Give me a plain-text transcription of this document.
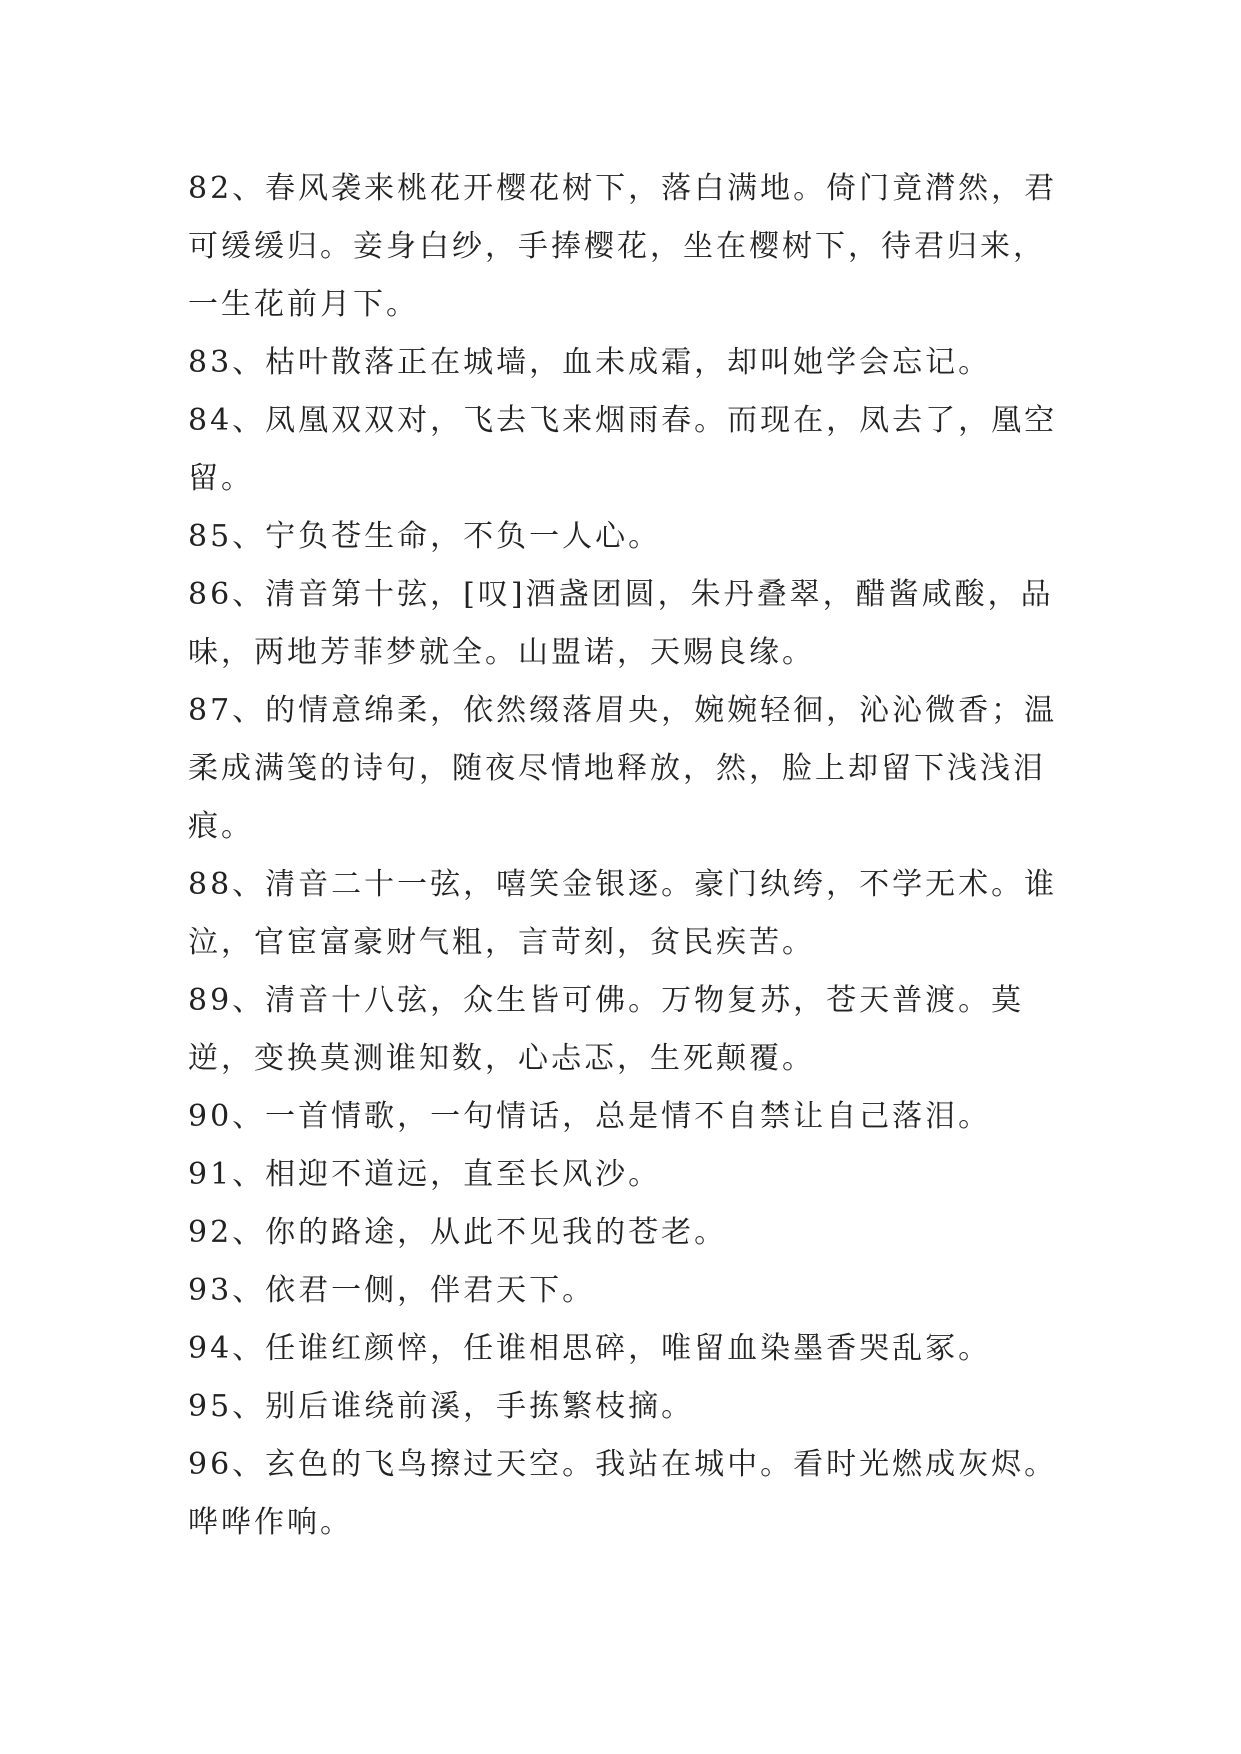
82、春风袭来桃花开樱花树下，落白满地。倚门竟潸然，君可缓缓归。妾身白纱，手捧樱花，坐在樱树下，待君归来，一生花前月下。

83、枯叶散落正在城墙，血未成霜，却叫她学会忘记。

84、凤凰双双对，飞去飞来烟雨春。而现在，凤去了，凰空留。

85、宁负苍生命，不负一人心。

86、清音第十弦，[叹]酒盏团圆，朱丹叠翠，醋酱咸酸，品味，两地芳菲梦就全。山盟诺，天赐良缘。

87、的情意绵柔，依然缀落眉央，婉婉轻徊，沁沁微香；温柔成满笺的诗句，随夜尽情地释放，然，脸上却留下浅浅泪痕。

88、清音二十一弦，嘻笑金银逐。豪门纨绔，不学无术。谁泣，官宦富豪财气粗，言苛刻，贫民疾苦。

89、清音十八弦，众生皆可佛。万物复苏，苍天普渡。莫逆，变换莫测谁知数，心忐忑，生死颠覆。

90、一首情歌，一句情话，总是情不自禁让自己落泪。

91、相迎不道远，直至长风沙。

92、你的路途，从此不见我的苍老。

93、依君一侧，伴君天下。

94、任谁红颜悴，任谁相思碎，唯留血染墨香哭乱冢。

95、别后谁绕前溪，手拣繁枝摘。

96、玄色的飞鸟擦过天空。我站在城中。看时光燃成灰烬。哗哗作响。
